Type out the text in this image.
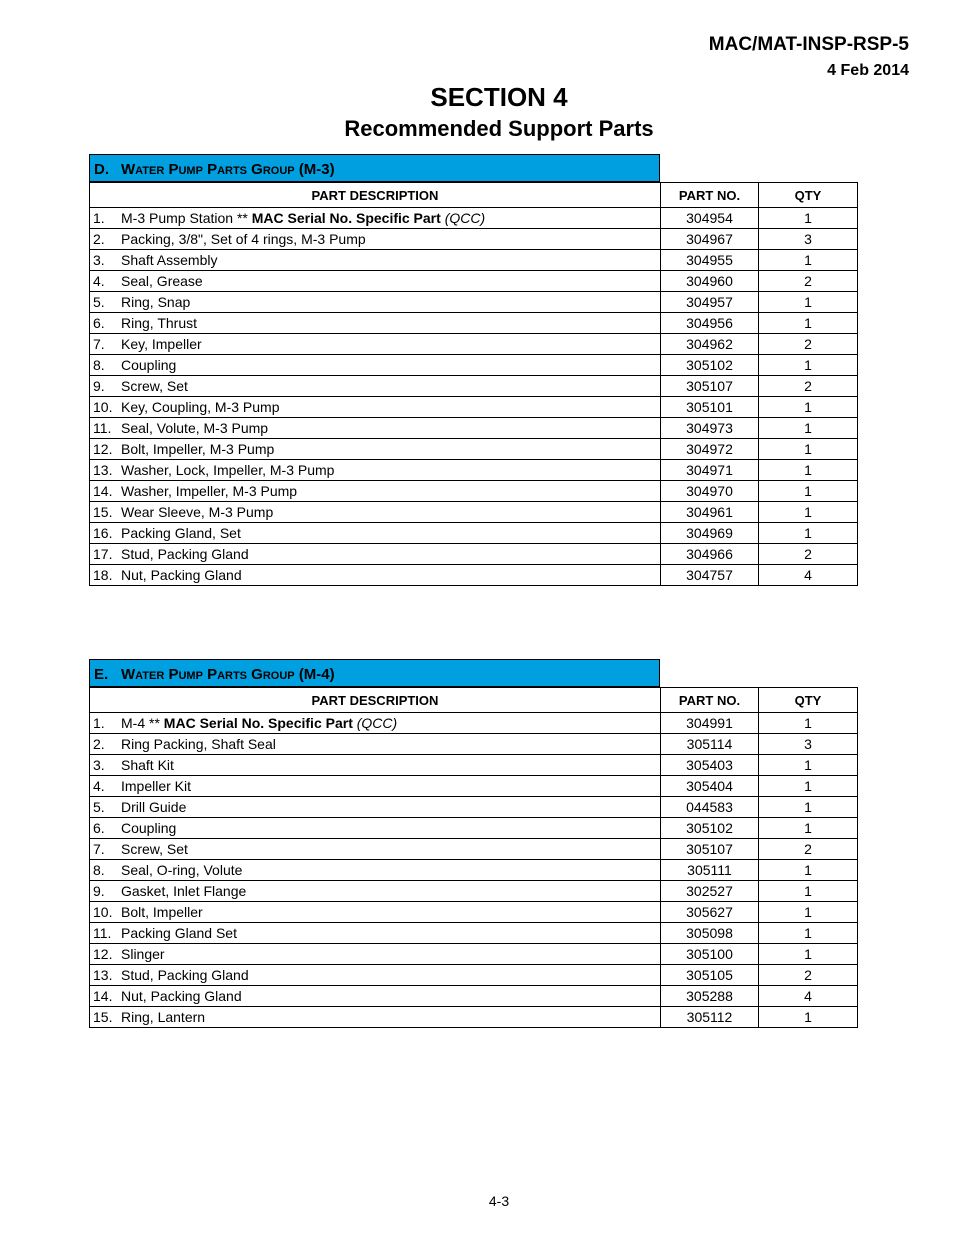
MAC/MAT-INSP-RSP-5
4 Feb 2014
SECTION 4
Recommended Support Parts
D. Water Pump Parts Group
(M-3)
PART DESCRIPTION	PART NO.	QTY
1. M-3 Pump Station ** MAC Serial No. Specific Part (QCC)	304954	1
2. Packing, 3/8", Set of 4 rings, M-3 Pump	304967	3
3. Shaft Assembly	304955	1
4. Seal, Grease	304960	2
5. Ring, Snap	304957	1
6. Ring, Thrust	304956	1
7. Key, Impeller	304962	2
8. Coupling	305102	1
9. Screw, Set	305107	2
10. Key, Coupling, M-3 Pump	305101	1
11. Seal, Volute, M-3 Pump	304973	1
12. Bolt, Impeller, M-3 Pump	304972	1
13. Washer, Lock, Impeller, M-3 Pump	304971	1
14. Washer, Impeller, M-3 Pump	304970	1
15. Wear Sleeve, M-3 Pump	304961	1
16. Packing Gland, Set	304969	1
17. Stud, Packing Gland	304966	2
18. Nut, Packing Gland	304757	4
E. Water Pump Parts Group
(M-4)
PART DESCRIPTION	PART NO.	QTY
1. M-4 ** MAC Serial No. Specific Part (QCC)	304991	1
2. Ring Packing, Shaft Seal	305114	3
3. Shaft Kit	305403	1
4. Impeller Kit	305404	1
5. Drill Guide	044583	1
6. Coupling	305102	1
7. Screw, Set	305107	2
8. Seal, O-ring, Volute	305111	1
9. Gasket, Inlet Flange	302527	1
10. Bolt, Impeller	305627	1
11. Packing Gland Set	305098	1
12. Slinger	305100	1
13. Stud, Packing Gland	305105	2
14. Nut, Packing Gland	305288	4
15. Ring, Lantern	305112	1
4-3
